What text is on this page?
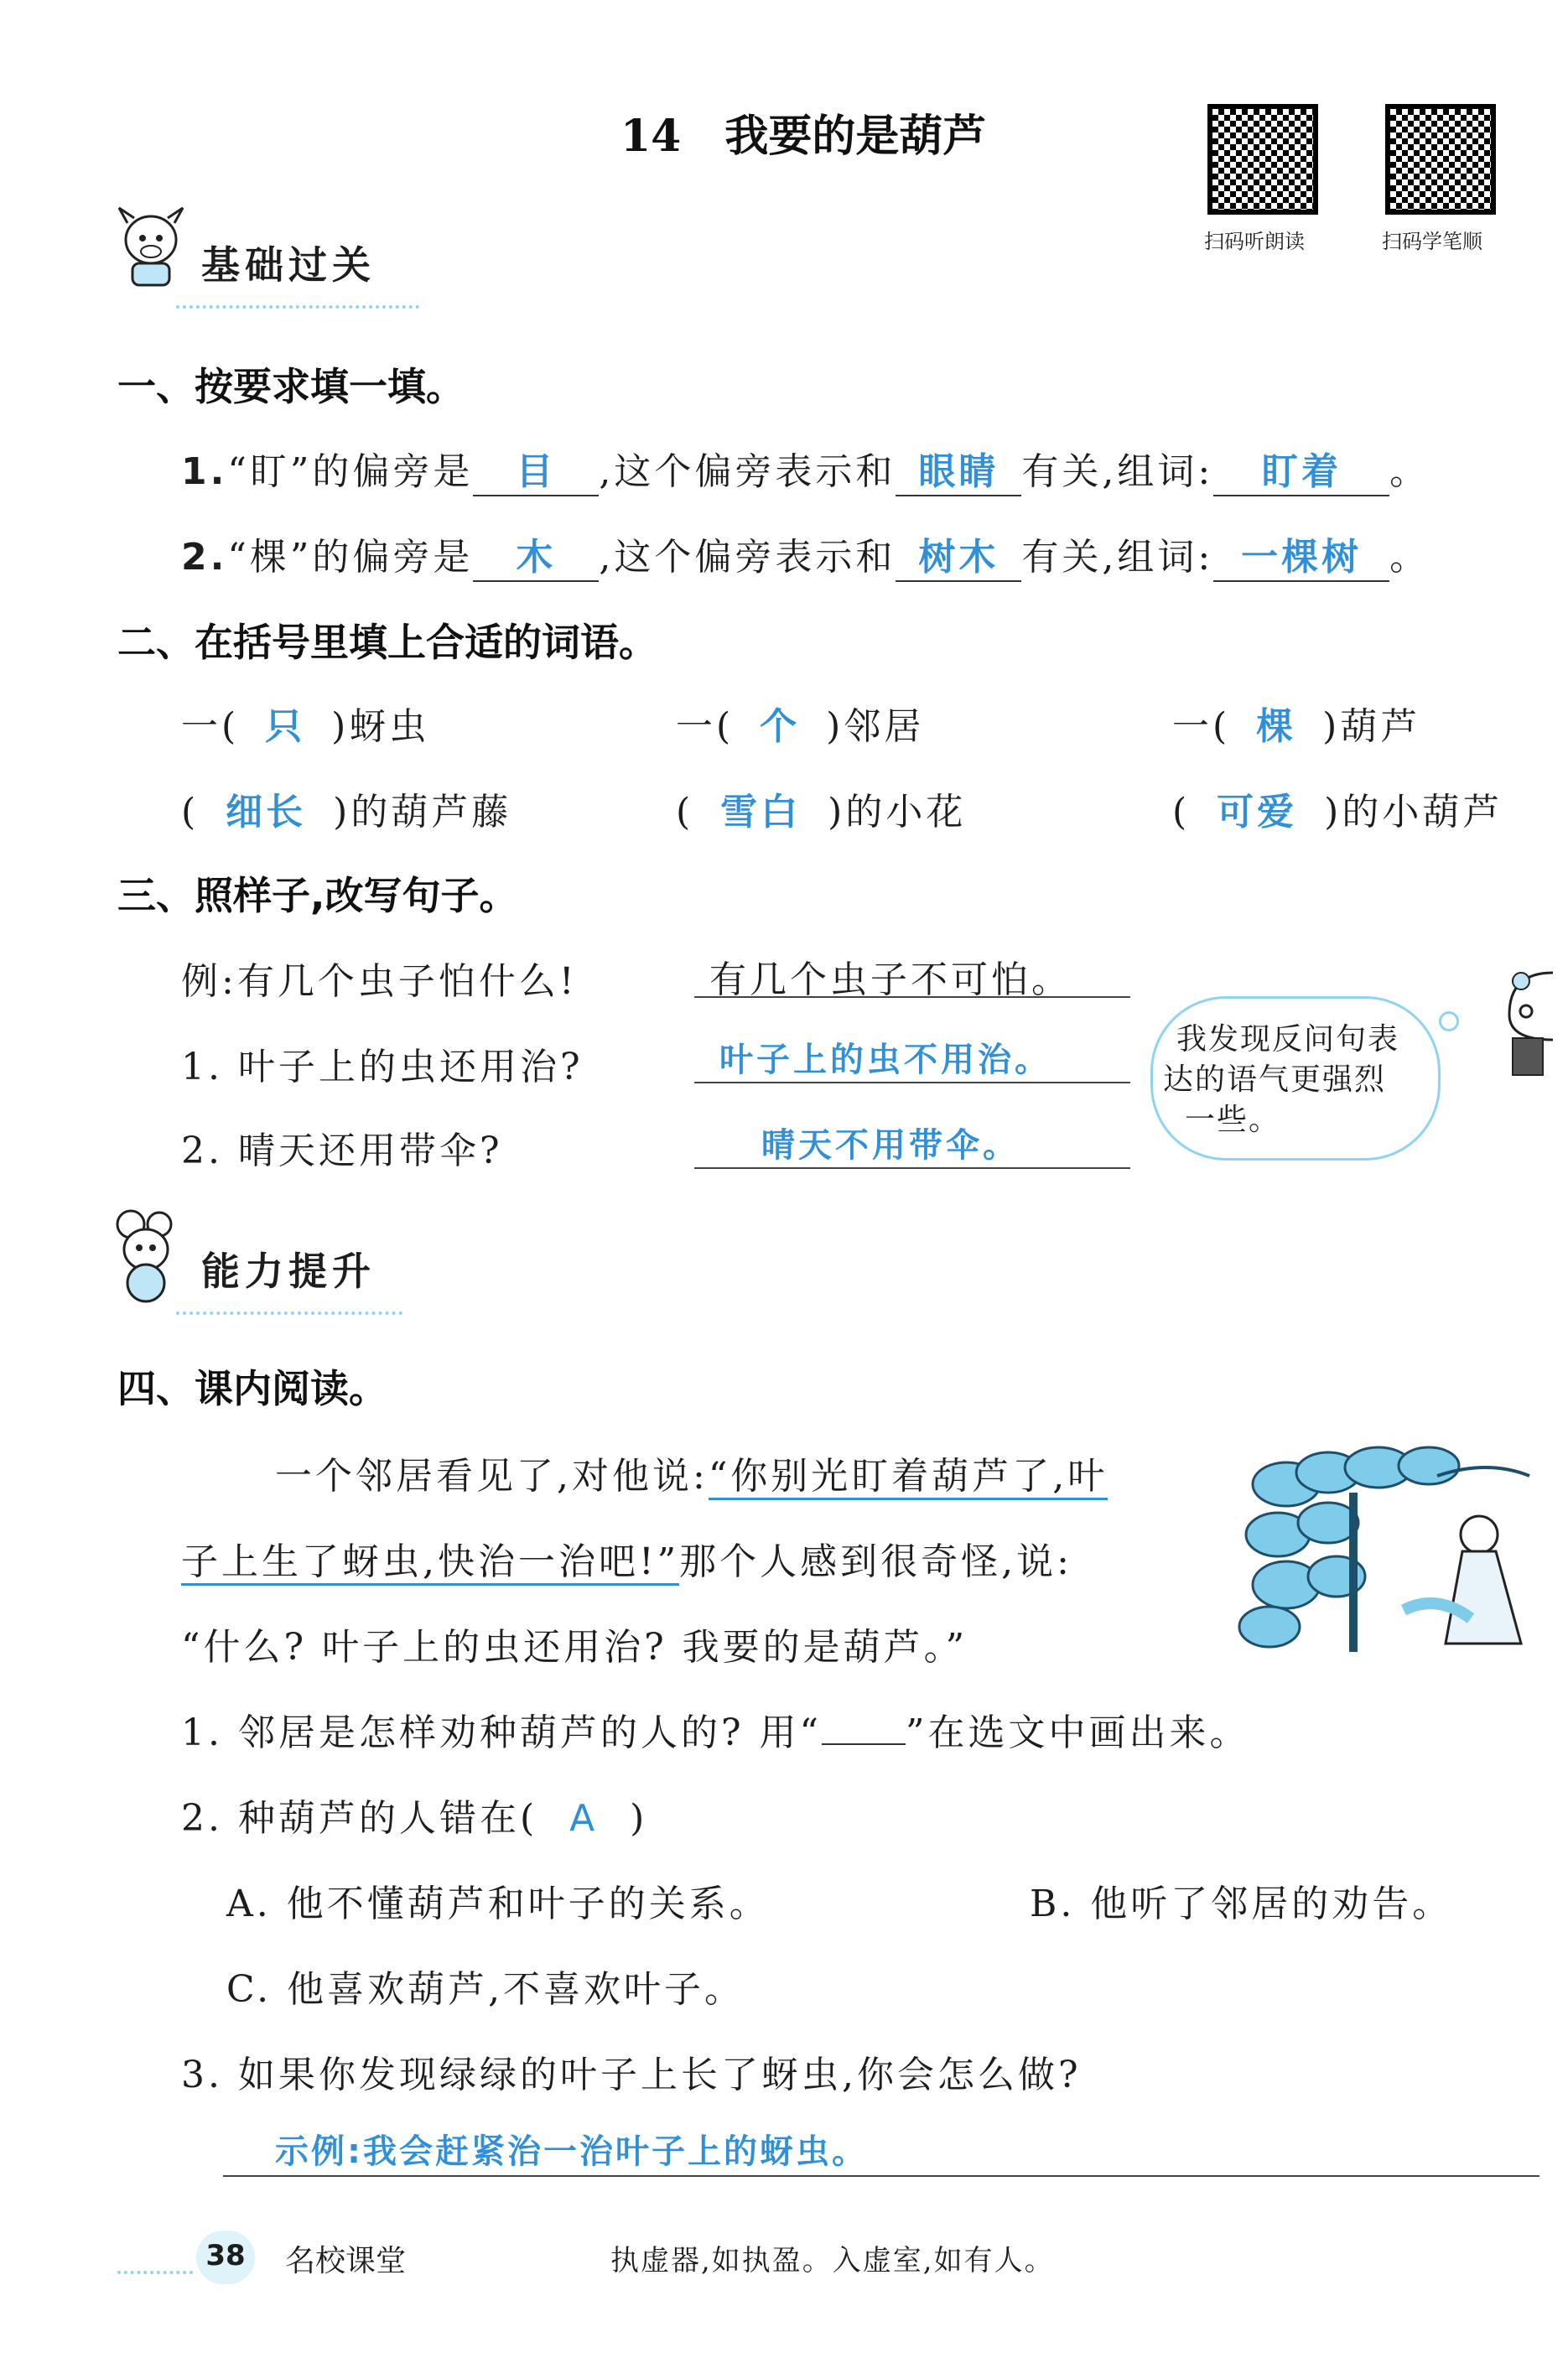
14　我要的是葫芦
扫码听朗读	扫码学笔顺
基础过关
一、按要求填一填。
1.“盯”的偏旁是 目 ,这个偏旁表示和 眼睛 有关,组词: 盯着 。
2.“棵”的偏旁是 木 ,这个偏旁表示和 树木 有关,组词: 一棵树 。
二、在括号里填上合适的词语。
一( 只 )蚜虫	一( 个 )邻居	一( 棵 )葫芦
( 细长 )的葫芦藤	( 雪白 )的小花	( 可爱 )的小葫芦
三、照样子,改写句子。
例:有几个虫子怕什么!	有几个虫子不可怕。
1. 叶子上的虫还用治?	叶子上的虫不用治。
2. 晴天还用带伞?	晴天不用带伞。
我发现反问句表
达的语气更强烈
一些。
能力提升
四、课内阅读。
一个邻居看见了,对他说:“你别光盯着葫芦了,叶
子上生了蚜虫,快治一治吧!”那个人感到很奇怪,说:
“什么? 叶子上的虫还用治? 我要的是葫芦。”
1. 邻居是怎样劝种葫芦的人的? 用“ ”在选文中画出来。
2. 种葫芦的人错在( A )
A. 他不懂葫芦和叶子的关系。	B. 他听了邻居的劝告。
C. 他喜欢葫芦,不喜欢叶子。
3. 如果你发现绿绿的叶子上长了蚜虫,你会怎么做?
示例:我会赶紧治一治叶子上的蚜虫。
38	名校课堂	执虚器,如执盈。入虚室,如有人。
